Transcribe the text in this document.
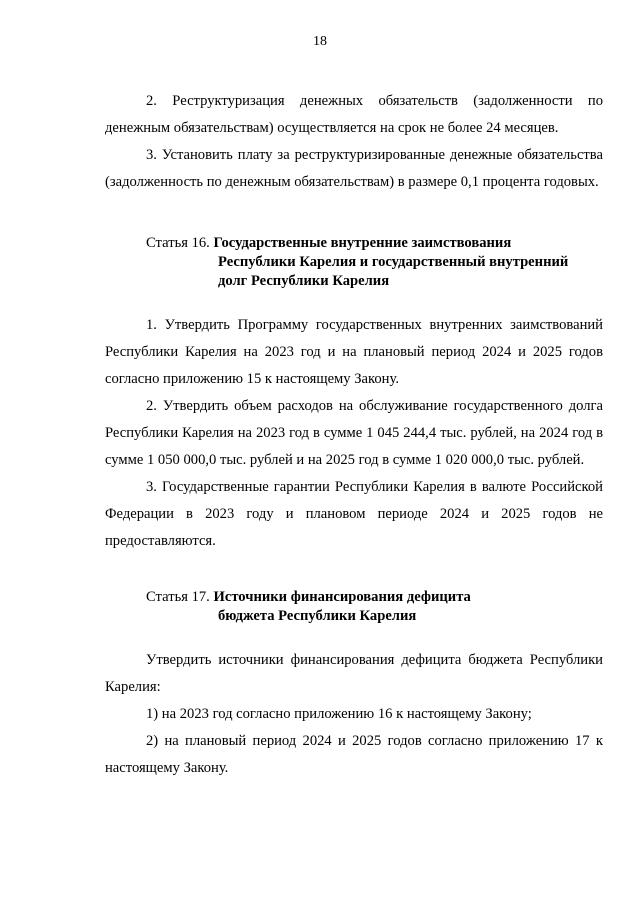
18

2. Реструктуризация денежных обязательств (задолженности по денежным обязательствам) осуществляется на срок не более 24 месяцев.

3. Установить плату за реструктуризированные денежные обязательства (задолженность по денежным обязательствам) в размере 0,1 процента годовых.

Статья 16. Государственные внутренние заимствования
Республики Карелия и государственный внутренний
долг Республики Карелия

1. Утвердить Программу государственных внутренних заимствований Республики Карелия на 2023 год и на плановый период 2024 и 2025 годов согласно приложению 15 к настоящему Закону.

2. Утвердить объем расходов на обслуживание государственного долга Республики Карелия на 2023 год в сумме 1 045 244,4 тыс. рублей, на 2024 год в сумме 1 050 000,0 тыс. рублей и на 2025 год в сумме 1 020 000,0 тыс. рублей.

3. Государственные гарантии Республики Карелия в валюте Российской Федерации в 2023 году и плановом периоде 2024 и 2025 годов не предоставляются.

Статья 17. Источники финансирования дефицита
бюджета Республики Карелия

Утвердить источники финансирования дефицита бюджета Республики Карелия:

1) на 2023 год согласно приложению 16 к настоящему Закону;

2) на плановый период 2024 и 2025 годов согласно приложению 17 к настоящему Закону.
